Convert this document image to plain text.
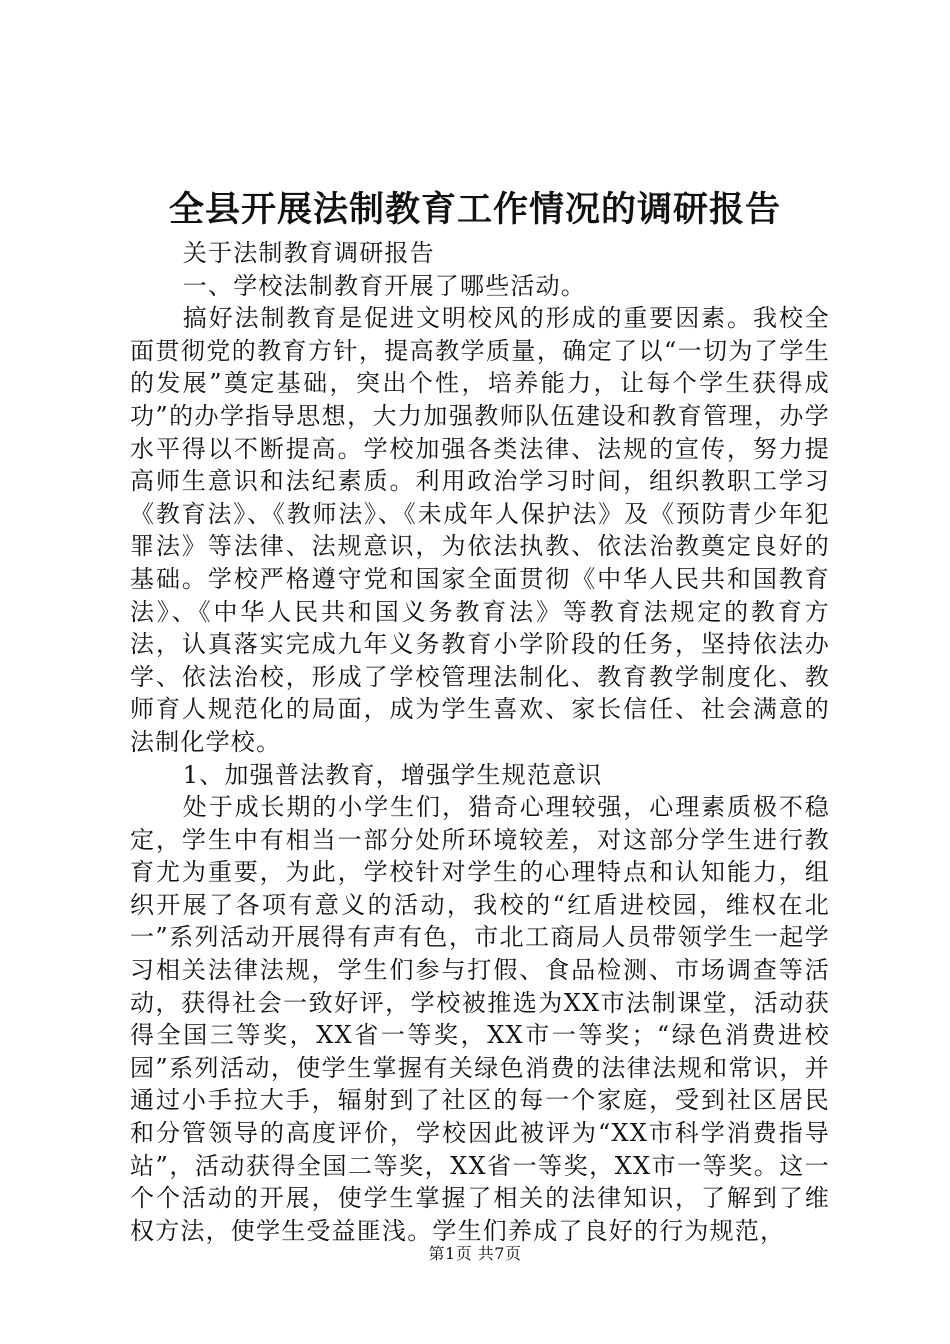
全县开展法制教育工作情况的调研报告

关于法制教育调研报告

一、学校法制教育开展了哪些活动。

搞好法制教育是促进文明校风的形成的重要因素。我校全面贯彻党的教育方针，提高教学质量，确定了以“一切为了学生的发展”奠定基础，突出个性，培养能力，让每个学生获得成功”的办学指导思想，大力加强教师队伍建设和教育管理，办学水平得以不断提高。学校加强各类法律、法规的宣传，努力提高师生意识和法纪素质。利用政治学习时间，组织教职工学习《教育法》、《教师法》、《未成年人保护法》及《预防青少年犯罪法》等法律、法规意识，为依法执教、依法治教奠定良好的基础。学校严格遵守党和国家全面贯彻《中华人民共和国教育法》、《中华人民共和国义务教育法》等教育法规定的教育方法，认真落实完成九年义务教育小学阶段的任务，坚持依法办学、依法治校，形成了学校管理法制化、教育教学制度化、教师育人规范化的局面，成为学生喜欢、家长信任、社会满意的法制化学校。

1、加强普法教育，增强学生规范意识

处于成长期的小学生们，猎奇心理较强，心理素质极不稳定，学生中有相当一部分处所环境较差，对这部分学生进行教育尤为重要，为此，学校针对学生的心理特点和认知能力，组织开展了各项有意义的活动，我校的“红盾进校园，维权在北一”系列活动开展得有声有色，市北工商局人员带领学生一起学习相关法律法规，学生们参与打假、食品检测、市场调查等活动，获得社会一致好评，学校被推选为XX市法制课堂，活动获得全国三等奖，XX省一等奖，XX市一等奖；“绿色消费进校园”系列活动，使学生掌握有关绿色消费的法律法规和常识，并通过小手拉大手，辐射到了社区的每一个家庭，受到社区居民和分管领导的高度评价，学校因此被评为“XX市科学消费指导站”，活动获得全国二等奖，XX省一等奖，XX市一等奖。这一个个活动的开展，使学生掌握了相关的法律知识，了解到了维权方法，使学生受益匪浅。学生们养成了良好的行为规范，

第1页 共7页
